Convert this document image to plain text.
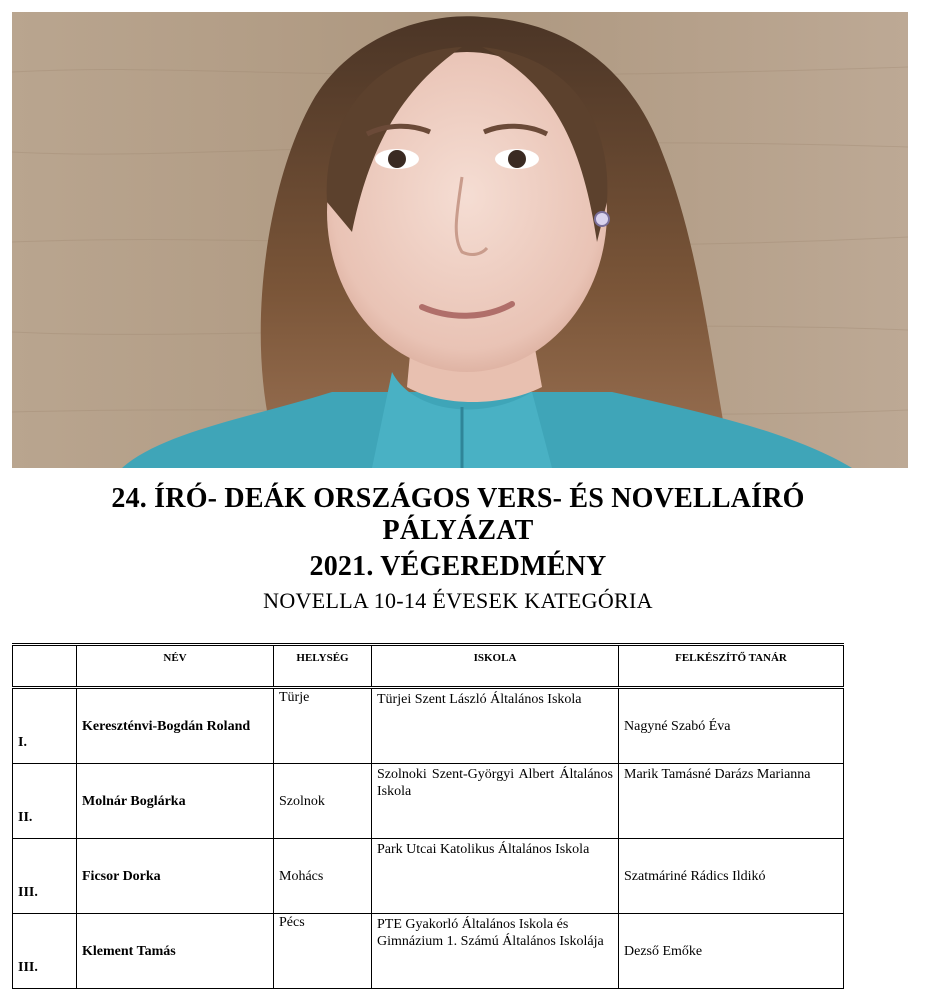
24. ÍRÓ- DEÁK ORSZÁGOS VERS- ÉS NOVELLAÍRÓ
PÁLYÁZAT
2021. VÉGEREDMÉNY
NOVELLA 10-14 ÉVESEK KATEGÓRIA
	NÉV	HELYSÉG	ISKOLA	FELKÉSZÍTŐ TANÁR
I.	Kereszténvi-Bogdán Roland	Türje	Türjei Szent László Általános Iskola	Nagyné Szabó Éva
II.	Molnár Boglárka	Szolnok	Szolnoki Szent-Györgyi Albert Általános Iskola	Marik Tamásné Darázs Marianna
III.	Ficsor Dorka	Mohács	Park Utcai Katolikus Általános Iskola	Szatmáriné Rádics Ildikó
III.	Klement Tamás	Pécs	PTE Gyakorló Általános Iskola és Gimnázium 1. Számú Általános Iskolája	Dezső Emőke
